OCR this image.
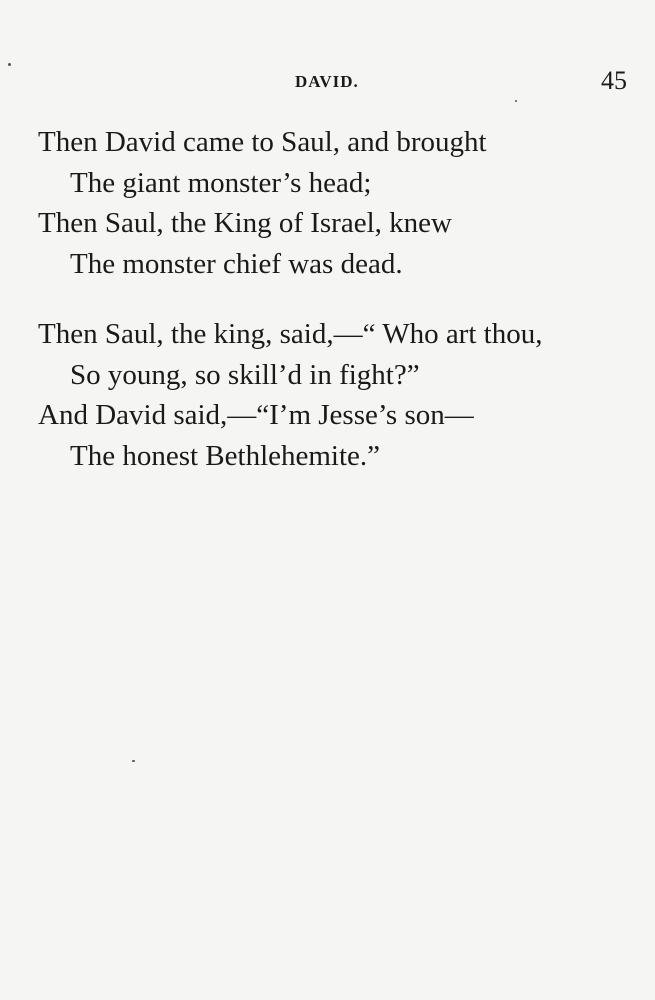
DAVID.	45

Then David came to Saul, and brought
The giant monster’s head;
Then Saul, the King of Israel, knew
The monster chief was dead.

Then Saul, the king, said,—“ Who art thou,
So young, so skill’d in fight?”
And David said,—“I’m Jesse’s son—
The honest Bethlehemite.”
